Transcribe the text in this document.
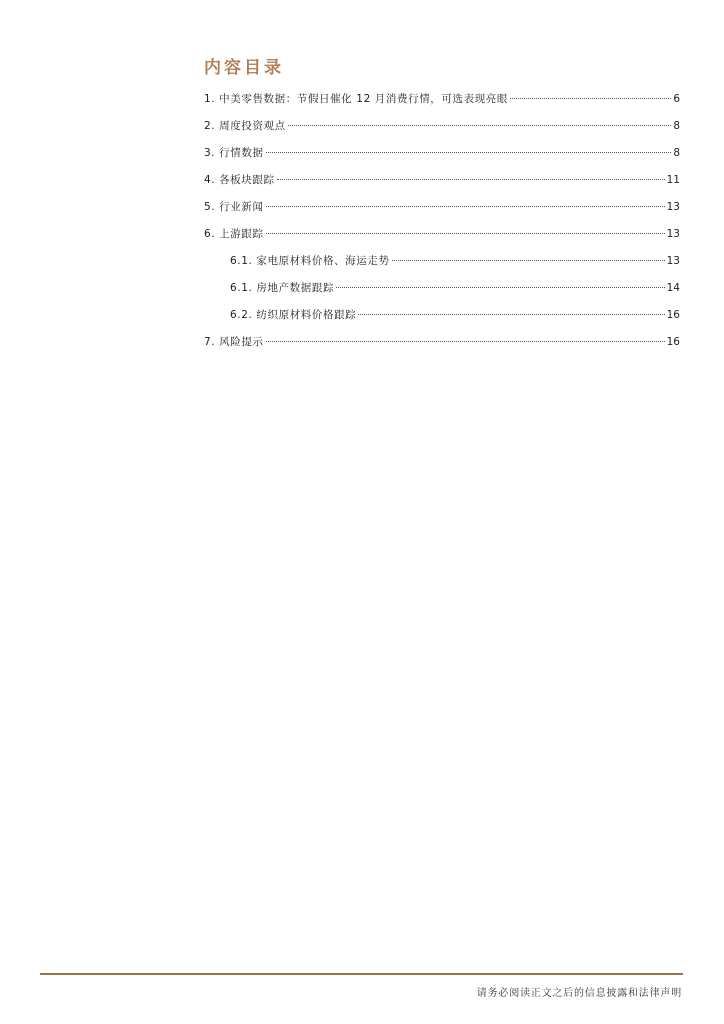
内容目录
1. 中美零售数据：节假日催化 12 月消费行情，可选表现亮眼	6
2. 周度投资观点	8
3. 行情数据	8
4. 各板块跟踪	11
5. 行业新闻	13
6. 上游跟踪	13
6.1. 家电原材料价格、海运走势	13
6.1. 房地产数据跟踪	14
6.2. 纺织原材料价格跟踪	16
7. 风险提示	16
请务必阅读正文之后的信息披露和法律声明
